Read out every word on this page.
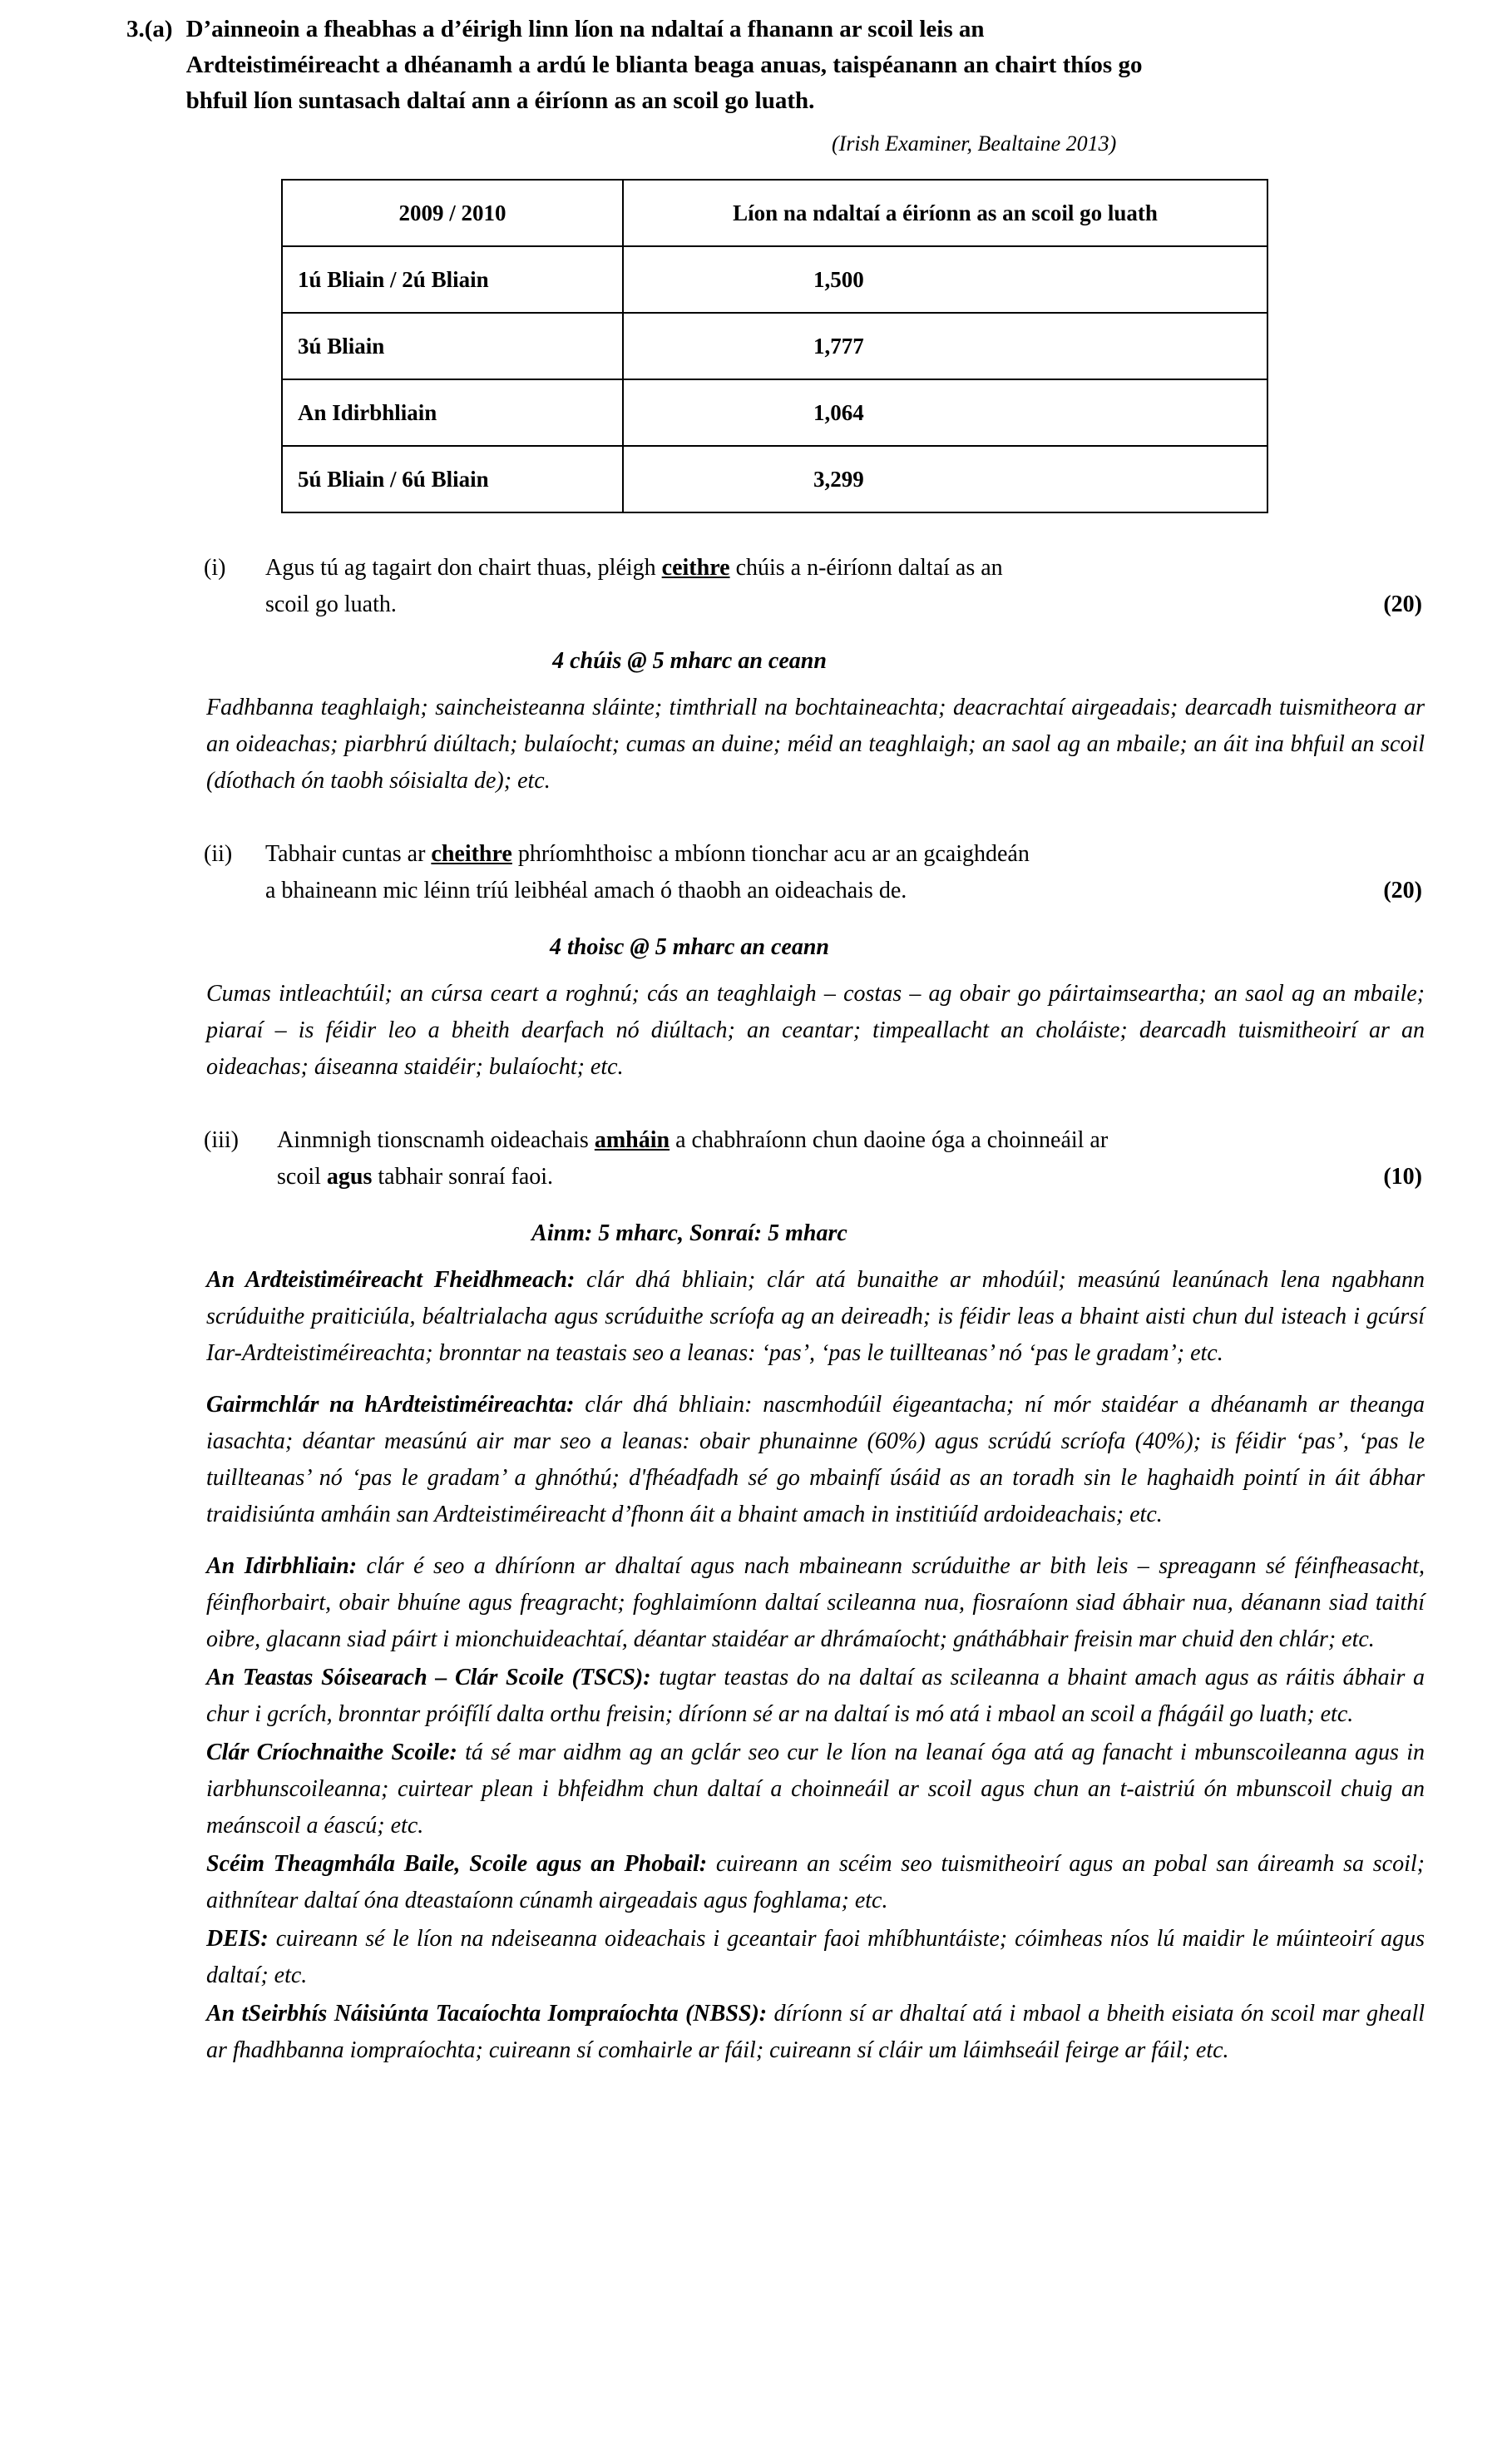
3.(a) D’ainneoin a fheabhas a d’éirigh linn líon na ndaltaí a fhanann ar scoil leis an Ardteistiméireacht a dhéanamh a ardú le blianta beaga anuas, taispéanann an chairt thíos go bhfuil líon suntasach daltaí ann a éiríonn as an scoil go luath.
(Irish Examiner, Bealtaine 2013)
2009 / 2010	Líon na ndaltaí a éiríonn as an scoil go luath
1ú Bliain / 2ú Bliain	1,500
3ú Bliain	1,777
An Idirbhliain	1,064
5ú Bliain / 6ú Bliain	3,299
(i)	Agus tú ag tagairt don chairt thuas, pléigh ceithre chúis a n-éiríonn daltaí as an
scoil go luath.	(20)
4 chúis @ 5 mharc an ceann
Fadhbanna teaghlaigh; saincheisteanna sláinte; timthriall na bochtaineachta; deacrachtaí airgeadais; dearcadh tuismitheora ar an oideachas; piarbhrú diúltach; bulaíocht; cumas an duine; méid an teaghlaigh; an saol ag an mbaile; an áit ina bhfuil an scoil (díothach ón taobh sóisialta de); etc.
(ii)	Tabhair cuntas ar cheithre phríomhthoisc a mbíonn tionchar acu ar an gcaighdeán
a bhaineann mic léinn tríú leibhéal amach ó thaobh an oideachais de.	(20)
4 thoisc @ 5 mharc an ceann
Cumas intleachtúil; an cúrsa ceart a roghnú; cás an teaghlaigh – costas – ag obair go páirtaimseartha; an saol ag an mbaile; piaraí – is féidir leo a bheith dearfach nó diúltach; an ceantar; timpeallacht an choláiste; dearcadh tuismitheoirí ar an oideachas; áiseanna staidéir; bulaíocht; etc.
(iii)	Ainmnigh tionscnamh oideachais amháin a chabhraíonn chun daoine óga a choinneáil ar
scoil agus tabhair sonraí faoi.	(10)
Ainm: 5 mharc, Sonraí: 5 mharc

An Ardteistiméireacht Fheidhmeach: clár dhá bhliain; clár atá bunaithe ar mhodúil; measúnú leanúnach lena ngabhann scrúduithe praiticiúla, béaltrialacha agus scrúduithe scríofa ag an deireadh; is féidir leas a bhaint aisti chun dul isteach i gcúrsí Iar-Ardteistiméireachta; bronntar na teastais seo a leanas: ‘pas’, ‘pas le tuillteanas’ nó ‘pas le gradam’; etc.

Gairmchlár na hArdteistiméireachta: clár dhá bhliain: nascmhodúil éigeantacha; ní mór staidéar a dhéanamh ar theanga iasachta; déantar measúnú air mar seo a leanas: obair phunainne (60%) agus scrúdú scríofa (40%); is féidir ‘pas’, ‘pas le tuillteanas’ nó ‘pas le gradam’ a ghnóthú; d'fhéadfadh sé go mbainfí úsáid as an toradh sin le haghaidh pointí in áit ábhar traidisiúnta amháin san Ardteistiméireacht d’fhonn áit a bhaint amach in institiúíd ardoideachais; etc.

An Idirbhliain: clár é seo a dhíríonn ar dhaltaí agus nach mbaineann scrúduithe ar bith leis – spreagann sé féinfheasacht, féinfhorbairt, obair bhuíne agus freagracht; foghlaimíonn daltaí scileanna nua, fiosraíonn siad ábhair nua, déanann siad taithí oibre, glacann siad páirt i mionchuideachtaí, déantar staidéar ar dhrámaíocht; gnáthábhair freisin mar chuid den chlár; etc.

An Teastas Sóisearach – Clár Scoile (TSCS): tugtar teastas do na daltaí as scileanna a bhaint amach agus as ráitis ábhair a chur i gcrích, bronntar próifílí dalta orthu freisin; díríonn sé ar na daltaí is mó atá i mbaol an scoil a fhágáil go luath; etc.

Clár Críochnaithe Scoile: tá sé mar aidhm ag an gclár seo cur le líon na leanaí óga atá ag fanacht i mbunscoileanna agus in iarbhunscoileanna; cuirtear plean i bhfeidhm chun daltaí a choinneáil ar scoil agus chun an t-aistriú ón mbunscoil chuig an meánscoil a éascú; etc.

Scéim Theagmhála Baile, Scoile agus an Phobail: cuireann an scéim seo tuismitheoirí agus an pobal san áireamh sa scoil; aithnítear daltaí óna dteastaíonn cúnamh airgeadais agus foghlama; etc.

DEIS: cuireann sé le líon na ndeiseanna oideachais i gceantair faoi mhíbhuntáiste; cóimheas níos lú maidir le múinteoirí agus daltaí; etc.

An tSeirbhís Náisiúnta Tacaíochta Iompraíochta (NBSS): díríonn sí ar dhaltaí atá i mbaol a bheith eisiata ón scoil mar gheall ar fhadhbanna iompraíochta; cuireann sí comhairle ar fáil; cuireann sí cláir um láimhseáil feirge ar fáil; etc.
